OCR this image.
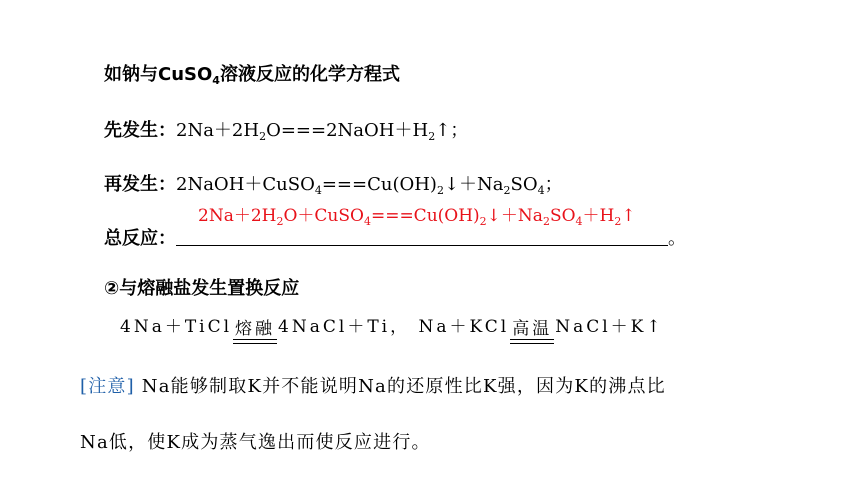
如钠与CuSO$_4$溶液反应的化学方程式
先发生：$2Na+2H_2O===2NaOH+H_2↑$；
再发生：$2NaOH+CuSO_4===Cu(OH)_2↓+Na_2SO_4$；
$2Na+2H_2O+CuSO_4===Cu(OH)_2↓+Na_2SO_4+H_2↑$
总反应：	。
②与熔融盐发生置换反应
4Na＋TiCl 熔融 4NaCl＋Ti， Na＋KCl 高温 NaCl＋K↑
[注意] Na能够制取K并不能说明Na的还原性比K强，因为K的沸点比
Na低，使K成为蒸气逸出而使反应进行。
